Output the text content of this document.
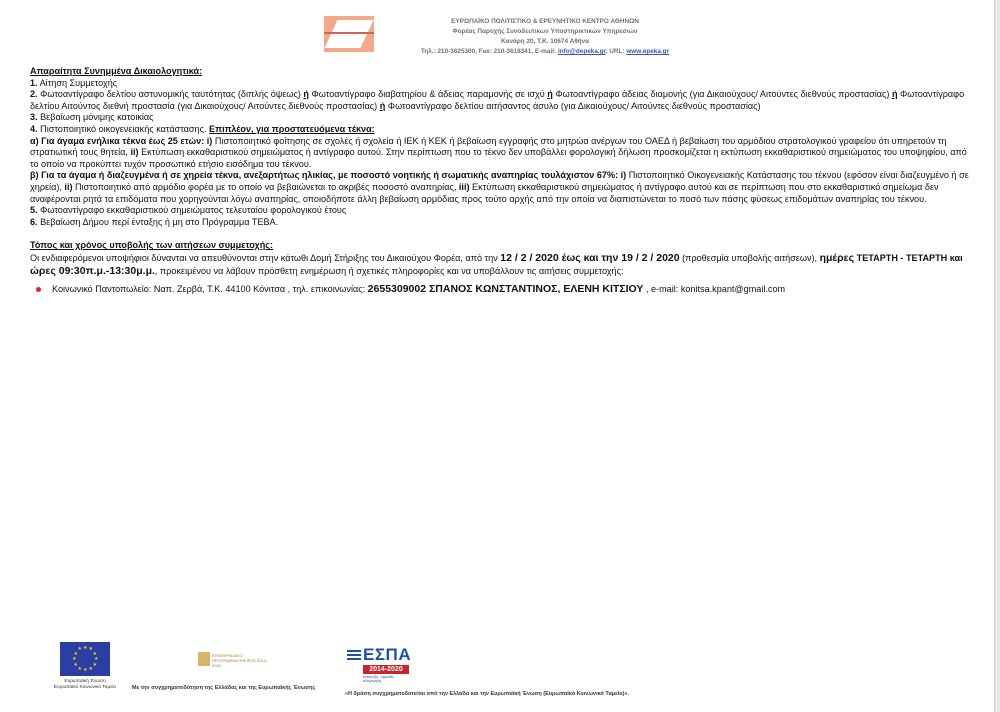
ΕΥΡΩΠΑΪΚΟ ΠΟΛΙΤΙΣΤΙΚΟ & ΕΡΕΥΝΗΤΙΚΟ ΚΕΝΤΡΟ ΑΘΗΝΩΝ
Φορέας Παροχής Συνοδευτικών Υποστηρικτικών Υπηρεσιών
Κανάρη 20, Τ.Κ. 10674 Αθήνα
Τηλ.: 210-3625300, Fax: 210-3618341, E-mail: info@depeka.gr, URL: www.epeka.gr

Απαραίτητα Συνημμένα Δικαιολογητικά:

1. Αίτηση Συμμετοχής

2. Φωτοαντίγραφο δελτίου αστυνομικής ταυτότητας (διπλής όψεως) ή Φωτοαντίγραφο διαβατηρίου & άδειας παραμονής σε ισχύ ή Φωτοαντίγραφο άδειας διαμονής (για Δικαιούχους/ Αιτούντες διεθνούς προστασίας) ή Φωτοαντίγραφο δελτίου Αιτούντος διεθνή προστασία (για Δικαιούχους/ Αιτούντες διεθνούς προστασίας) ή Φωτοαντίγραφο δελτίου αιτήσαντος άσυλο (για Δικαιούχους/ Αιτούντες διεθνούς προστασίας)

3. Βεβαίωση μόνιμης κατοικίας

4. Πιστοποιητικό οικογενειακής κατάστασης. Επιπλέον, για προστατευόμενα τέκνα:

α) Για άγαμα ενήλικα τέκνα έως 25 ετών: i) Πιστοποιητικό φοίτησης σε σχολές ή σχολεία ή ΙΕΚ ή ΚΕΚ ή βεβαίωση εγγραφής στο μητρώα ανέργων του ΟΑΕΔ ή βεβαίωση του αρμόδιου στρατολογικού γραφείου ότι υπηρετούν τη στρατιωτική τους θητεία, ii) Εκτύπωση εκκαθαριστικού σημειώματος ή αντίγραφο αυτού. Στην περίπτωση που το τέκνο δεν υποβάλλει φορολογική δήλωση προσκομίζεται η εκτύπωση εκκαθαριστικού σημειώματος του υποψηφίου, από το οποίο να προκύπτει τυχόν προσωπικό ετήσιο εισόδημα του τέκνου.

β) Για τα άγαμα ή διαζευγμένα ή σε χηρεία τέκνα, ανεξαρτήτως ηλικίας, με ποσοστό νοητικής ή σωματικής αναπηρίας τουλάχιστον 67%: i) Πιστοποιητικό Οικογενειακής Κατάστασης του τέκνου (εφόσον είναι διαζευγμένο ή σε χηρεία), ii) Πιστοποιητικό από αρμόδιο φορέα με το οποίο να βεβαιώνεται το ακριβές ποσοστό αναπηρίας, iii) Εκτύπωση εκκαθαριστικού σημειώματος ή αντίγραφο αυτού και σε περίπτωση που στο εκκαθαριστικό σημείωμα δεν αναφέρονται ρητά τα επιδόματα που χορηγούνται λόγω αναπηρίας, οποιοδήποτε άλλη βεβαίωση αρμόδιας προς τούτο αρχής από την οποία να διαπιστώνεται το ποσό των πάσης φύσεως επιδομάτων αναπηρίας του τέκνου.

5. Φωτοαντίγραφο εκκαθαριστικού σημειώματος τελευταίου φορολογικού έτους

6. Βεβαίωση Δήμου περί ένταξης ή μη στο Πρόγραμμα ΤΕΒΑ.

Τόπος και χρόνος υποβολής των αιτήσεων συμμετοχής:

Οι ενδιαφερόμενοι υποψήφιοι δύνανται να απευθύνονται στην κάτωθι Δομή Στήριξης του Δικαιούχου Φορέα, από την 12 / 2 / 2020 έως και την 19 / 2 / 2020 (προθεσμία υποβολής αιτήσεων), ημέρες ΤΕΤΑΡΤΗ - ΤΕΤΑΡΤΗ και ώρες 09:30π.μ.-13:30μ.μ., προκειμένου να λάβουν πρόσθετη ενημέρωση ή σχετικές πληροφορίες και να υποβάλλουν τις αιτήσεις συμμετοχής:

Κοινωνικό Παντοπωλείο: Ναπ. Ζερβά, Τ.Κ. 44100 Κόνιτσα , τηλ. επικοινωνίας: 2655309002 ΣΠΑΝΟΣ ΚΩΝΣΤΑΝΤΙΝΟΣ, ΕΛΕΝΗ ΚΙΤΣΙΟΥ , e-mail: konitsa.kpant@gmail.com
★ ★
★
★
★
★
★
★
★
★
★
★
Ευρωπαϊκή Ένωση
Ευρωπαϊκό Κοινωνικό Ταμείο
ΕΠΙΧΕΙΡΗΣΙΑΚΟ ΠΡΟΓΡΑΜΜΑ ΗΠΕΙΡΟΣ 2014-2020
Με την συγχρηματοδότηση της Ελλάδας και της Ευρωπαϊκής Ένωσης
ΕΣΠΑ
2014-2020
ανάπτυξη - εργασία - αλληλεγγύη
«Η δράση συγχρηματοδοτείται από την Ελλάδα και την Ευρωπαϊκή Ένωση (Ευρωπαϊκό Κοινωνικό Ταμείο)».
